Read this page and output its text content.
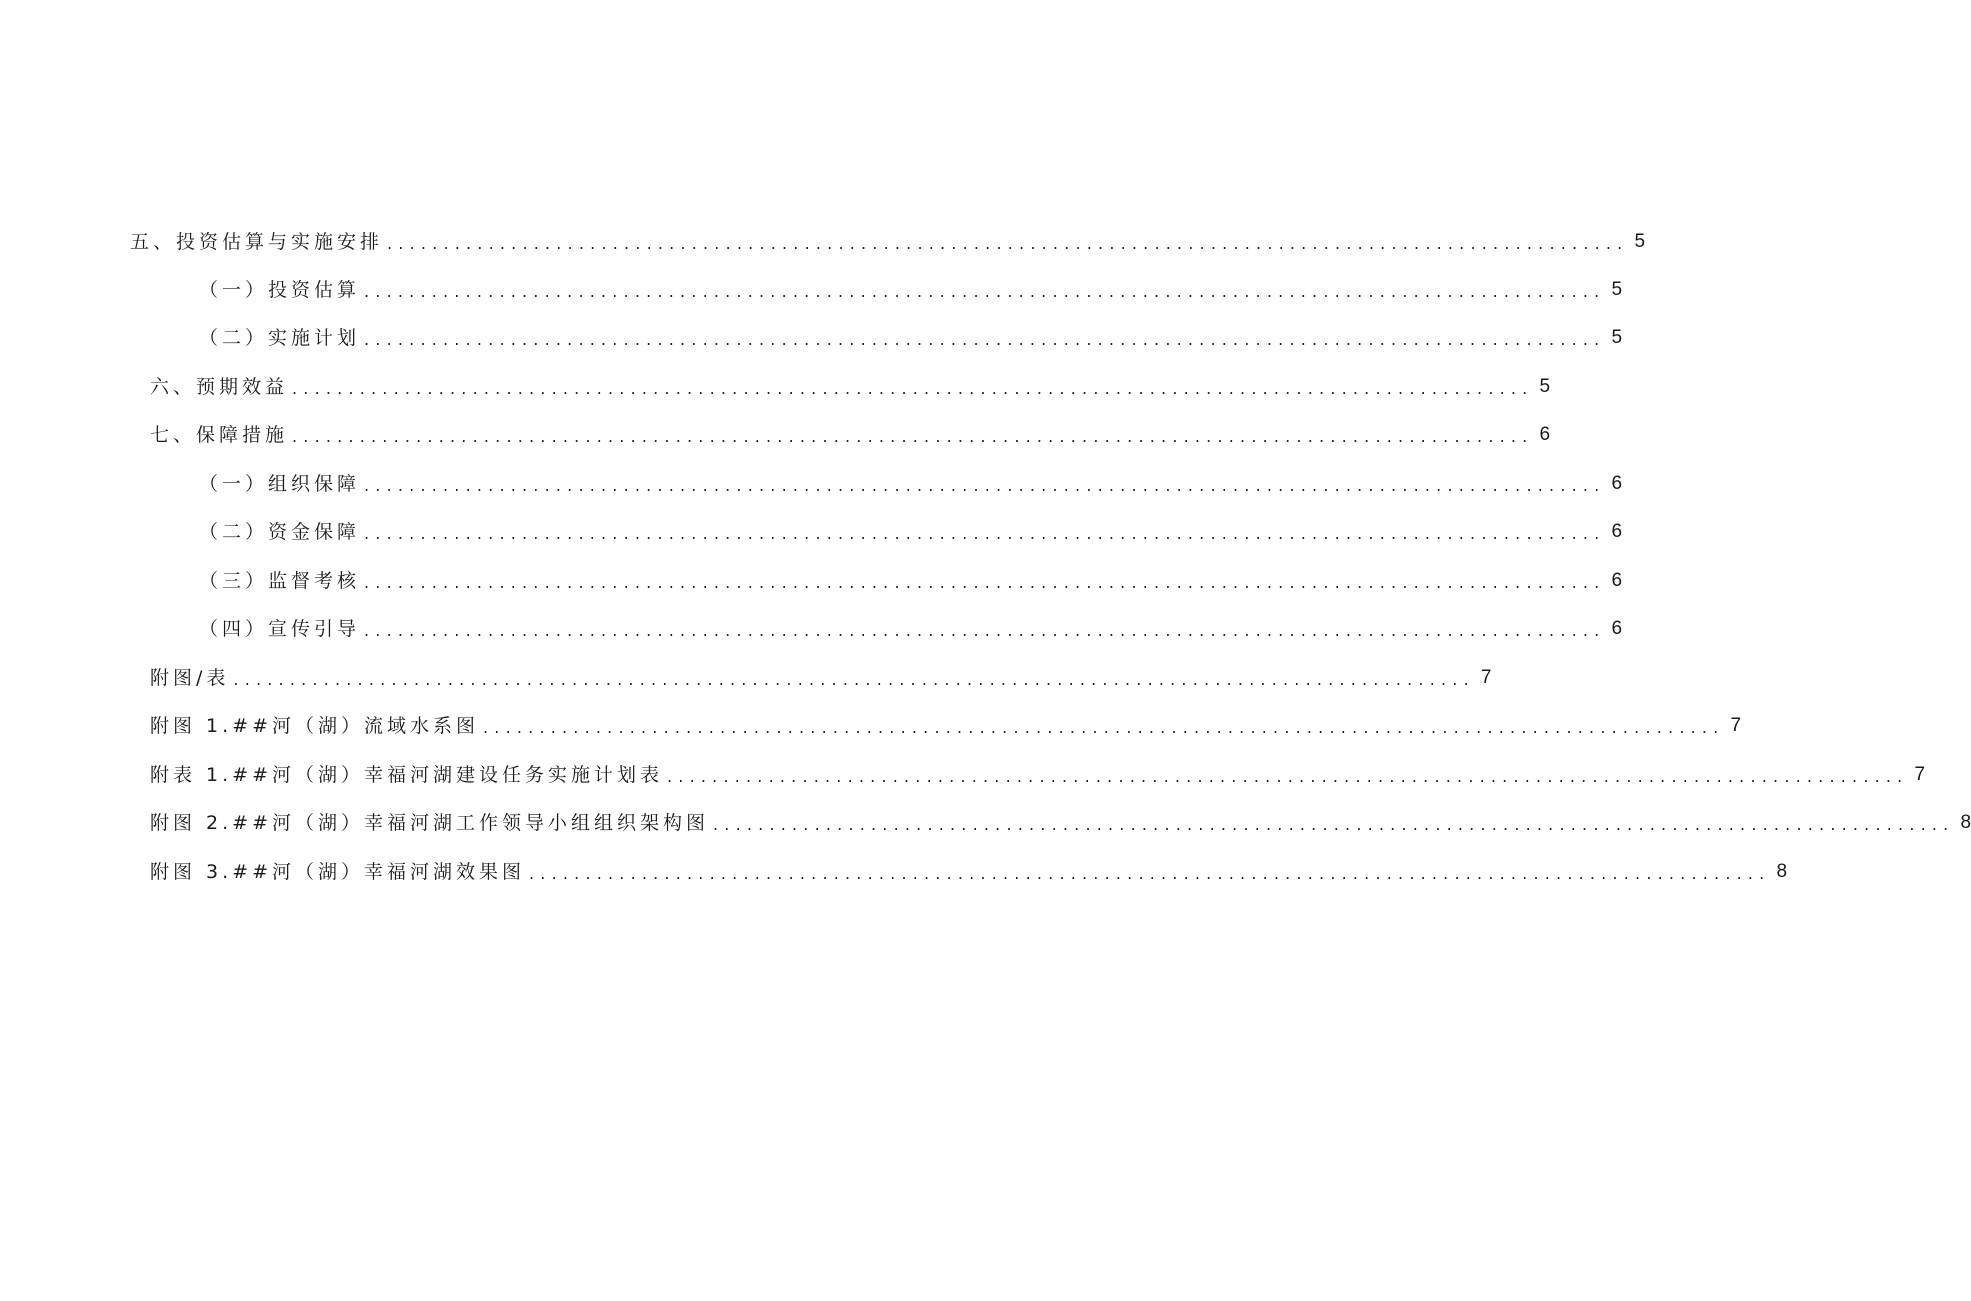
五、投资估算与实施安排 .............................................................................................................. 5
（一）投资估算 .............................................................................................................. 5
（二）实施计划 .............................................................................................................. 5
六、预期效益 .............................................................................................................. 5
七、保障措施 .............................................................................................................. 6
（一）组织保障 .............................................................................................................. 6
（二）资金保障 .............................................................................................................. 6
（三）监督考核 .............................................................................................................. 6
（四）宣传引导 .............................................................................................................. 6
附图/表 .............................................................................................................. 7
附图 1.##河（湖）流域水系图 .............................................................................................................. 7
附表 1.##河（湖）幸福河湖建设任务实施计划表 .............................................................................................................. 7
附图 2.##河（湖）幸福河湖工作领导小组组织架构图 .............................................................................................................. 8
附图 3.##河（湖）幸福河湖效果图 .............................................................................................................. 8
